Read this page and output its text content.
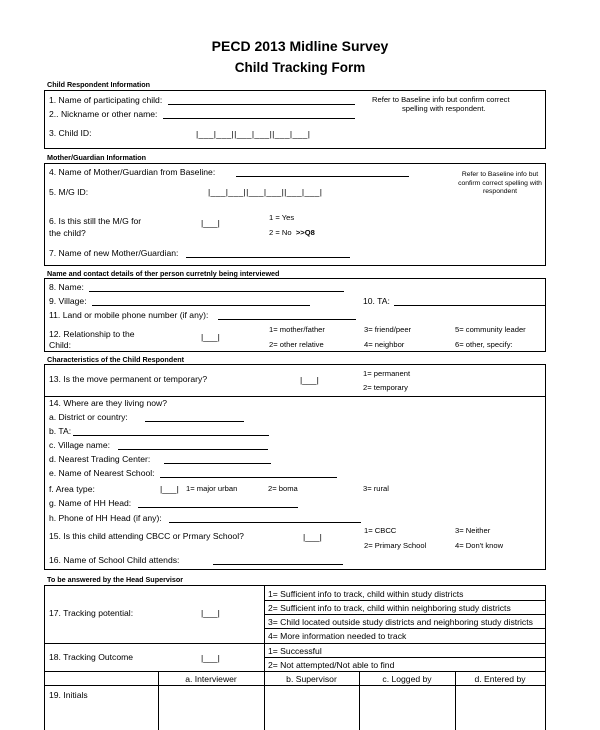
PECD 2013 Midline Survey
Child Tracking Form
Child Respondent Information
1. Name of participating child:
2.. Nickname or other name:
3. Child ID:	|___|___||___|___||___|___|
Refer to Baseline info but confirm correct
spelling with respondent.
Mother/Guardian Information
4. Name of Mother/Guardian from Baseline:
5. M/G ID:	|___|___||___|___||___|___|
Refer to Baseline info but
confirm correct spelling with
respondent
6. Is this still the M/G for
the child?
|___|
1 = Yes
2 = No >>Q8
7. Name of new Mother/Guardian:
Name and contact details of ther person curretnly being interviewed
8. Name:
9. Village:	10. TA:
11. Land or mobile phone number (if any):
12. Relationship to the
Child:
|___|
1= mother/father
2= other relative
3= friend/peer
4= neighbor
5= community leader
6= other, specify:
Characteristics of the Child Respondent
13. Is the move permanent or temporary?	|___|
1= permanent
2= temporary
14. Where are they living now?
a. District or country:
b. TA:
c. Village name:
d. Nearest Trading Center:
e. Name of Nearest School:
f. Area type:	|___| 1= major urban	2= boma	3= rural
g. Name of HH Head:
h. Phone of HH Head (if any):
15. Is this child attending CBCC or Prmary School?	|___|
1= CBCC
2= Primary School
3= Neither
4= Don't know
16. Name of School Child attends:
To be answered by the Head Supervisor
17. Tracking potential:	|___|
1= Sufficient info to track, child within study districts
2= Sufficient info to track, child within neighboring study districts
3= Child located outside study districts and neighboring study districts
4= More information needed to track
18. Tracking Outcome	|___|
1= Successful
2= Not attempted/Not able to find
a. Interviewer	b. Supervisor	c. Logged by	d. Entered by
19. Initials
